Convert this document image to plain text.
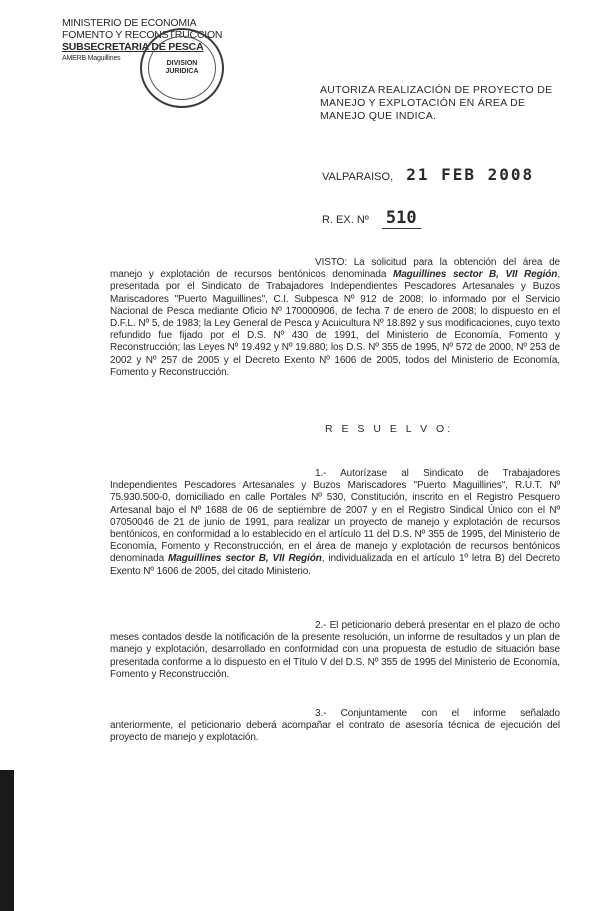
MINISTERIO DE ECONOMIA
FOMENTO Y RECONSTRUCCION
SUBSECRETARIA DE PESCA
AMERB Maguillines
DIVISION
JURIDICA
AUTORIZA REALIZACIÓN DE PROYECTO DE MANEJO Y EXPLOTACIÓN EN ÁREA DE MANEJO QUE INDICA.
VALPARAISO, 21 FEB 2008
R. EX. Nº 510
VISTO: La solicitud para la obtención del área de manejo y explotación de recursos bentónicos denominada Maguillines sector B, VII Región, presentada por el Sindicato de Trabajadores Independientes Pescadores Artesanales y Buzos Mariscadores "Puerto Maguillines", C.I. Subpesca Nº 912 de 2008; lo informado por el Servicio Nacional de Pesca mediante Oficio Nº 170000906, de fecha 7 de enero de 2008; lo dispuesto en el D.F.L. Nº 5, de 1983; la Ley General de Pesca y Acuicultura Nº 18.892 y sus modificaciones, cuyo texto refundido fue fijado por el D.S. Nº 430 de 1991, del Ministerio de Economía, Fomento y Reconstrucción; las Leyes Nº 19.492 y Nº 19.880; los D.S. Nº 355 de 1995, Nº 572 de 2000, Nº 253 de 2002 y Nº 257 de 2005 y el Decreto Exento Nº 1606 de 2005, todos del Ministerio de Economía, Fomento y Reconstrucción.
R E S U E L V O:
1.- Autorízase al Sindicato de Trabajadores Independientes Pescadores Artesanales y Buzos Mariscadores "Puerto Maguillines", R.U.T. Nº 75.930.500-0, domiciliado en calle Portales Nº 530, Constitución, inscrito en el Registro Pesquero Artesanal bajo el Nº 1688 de 06 de septiembre de 2007 y en el Registro Sindical Único con el Nº 07050046 de 21 de junio de 1991, para realizar un proyecto de manejo y explotación de recursos bentónicos, en conformidad a lo establecido en el artículo 11 del D.S. Nº 355 de 1995, del Ministerio de Economía, Fomento y Reconstrucción, en el área de manejo y explotación de recursos bentónicos denominada Maguillines sector B, VII Región, individualizada en el artículo 1º letra B) del Decreto Exento Nº 1606 de 2005, del citado Ministerio.
2.- El peticionario deberá presentar en el plazo de ocho meses contados desde la notificación de la presente resolución, un informe de resultados y un plan de manejo y explotación, desarrollado en conformidad con una propuesta de estudio de situación base presentada conforme a lo dispuesto en el Título V del D.S. Nº 355 de 1995 del Ministerio de Economía, Fomento y Reconstrucción.
3.- Conjuntamente con el informe señalado anteriormente, el peticionario deberá acompañar el contrato de asesoría técnica de ejecución del proyecto de manejo y explotación.
